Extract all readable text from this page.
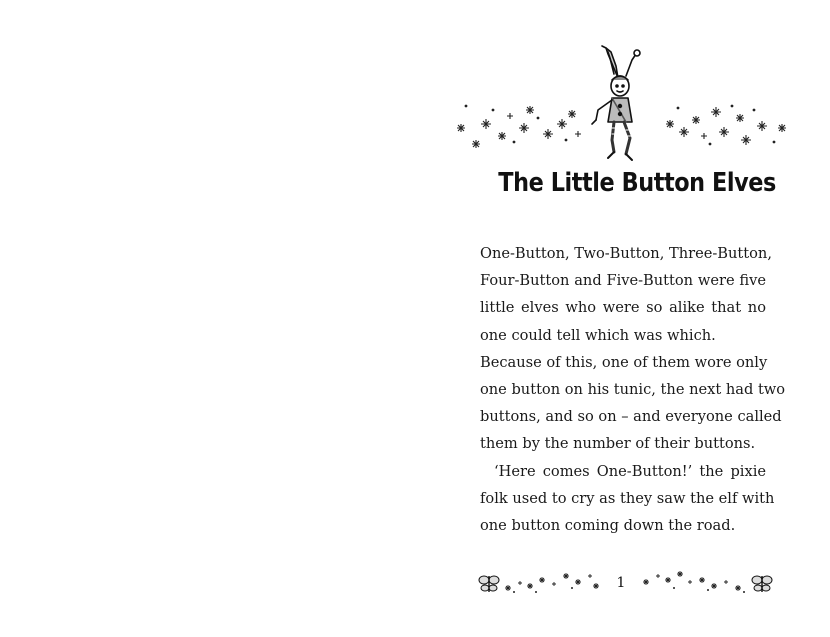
The Little Button Elves
One-Button, Two-Button, Three-Button,
Four-Button and Five-Button were five
little elves who were so alike that no
one could tell which was which.
Because of this, one of them wore only
one button on his tunic, the next had two
buttons, and so on – and everyone called
them by the number of their buttons.
‘Here comes One-Button!’ the pixie
folk used to cry as they saw the elf with
one button coming down the road.
1
